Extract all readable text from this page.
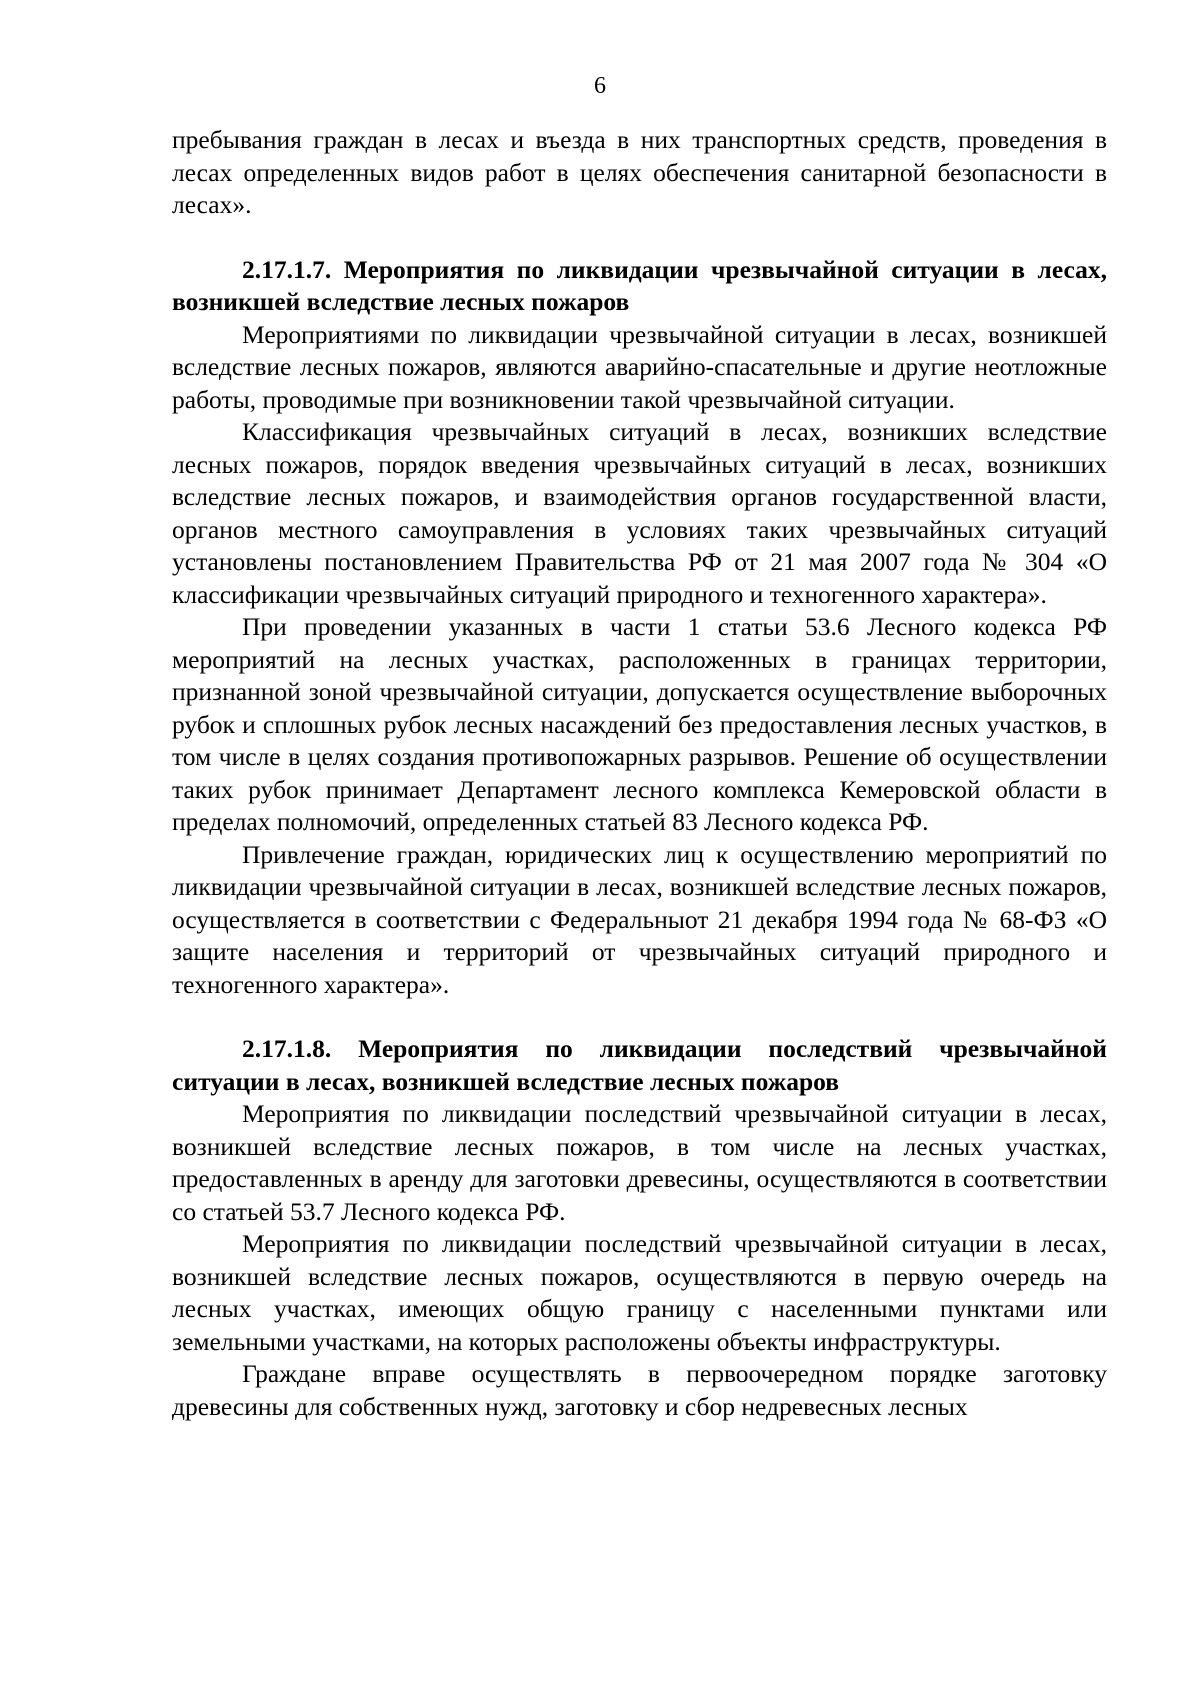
6

пребывания граждан в лесах и въезда в них транспортных средств, проведения в лесах определенных видов работ в целях обеспечения санитарной безопасности в лесах».

2.17.1.7. Мероприятия по ликвидации чрезвычайной ситуации в лесах, возникшей вследствие лесных пожаров

Мероприятиями по ликвидации чрезвычайной ситуации в лесах, возникшей вследствие лесных пожаров, являются аварийно-спасательные и другие неотложные работы, проводимые при возникновении такой чрезвычайной ситуации.

Классификация чрезвычайных ситуаций в лесах, возникших вследствие лесных пожаров, порядок введения чрезвычайных ситуаций в лесах, возникших вследствие лесных пожаров, и взаимодействия органов государственной власти, органов местного самоуправления в условиях таких чрезвычайных ситуаций установлены постановлением Правительства РФ от 21 мая 2007 года № 304 «О классификации чрезвычайных ситуаций природного и техногенного характера».

При проведении указанных в части 1 статьи 53.6 Лесного кодекса РФ мероприятий на лесных участках, расположенных в границах территории, признанной зоной чрезвычайной ситуации, допускается осуществление выборочных рубок и сплошных рубок лесных насаждений без предоставления лесных участков, в том числе в целях создания противопожарных разрывов. Решение об осуществлении таких рубок принимает Департамент лесного комплекса Кемеровской области в пределах полномочий, определенных статьей 83 Лесного кодекса РФ.

Привлечение граждан, юридических лиц к осуществлению мероприятий по ликвидации чрезвычайной ситуации в лесах, возникшей вследствие лесных пожаров, осуществляется в соответствии с Федеральныот 21 декабря 1994 года № 68-ФЗ «О защите населения и территорий от чрезвычайных ситуаций природного и техногенного характера».

2.17.1.8. Мероприятия по ликвидации последствий чрезвычайной ситуации в лесах, возникшей вследствие лесных пожаров

Мероприятия по ликвидации последствий чрезвычайной ситуации в лесах, возникшей вследствие лесных пожаров, в том числе на лесных участках, предоставленных в аренду для заготовки древесины, осуществляются в соответствии со статьей 53.7 Лесного кодекса РФ.

Мероприятия по ликвидации последствий чрезвычайной ситуации в лесах, возникшей вследствие лесных пожаров, осуществляются в первую очередь на лесных участках, имеющих общую границу с населенными пунктами или земельными участками, на которых расположены объекты инфраструктуры.

Граждане вправе осуществлять в первоочередном порядке заготовку древесины для собственных нужд, заготовку и сбор недревесных лесных
